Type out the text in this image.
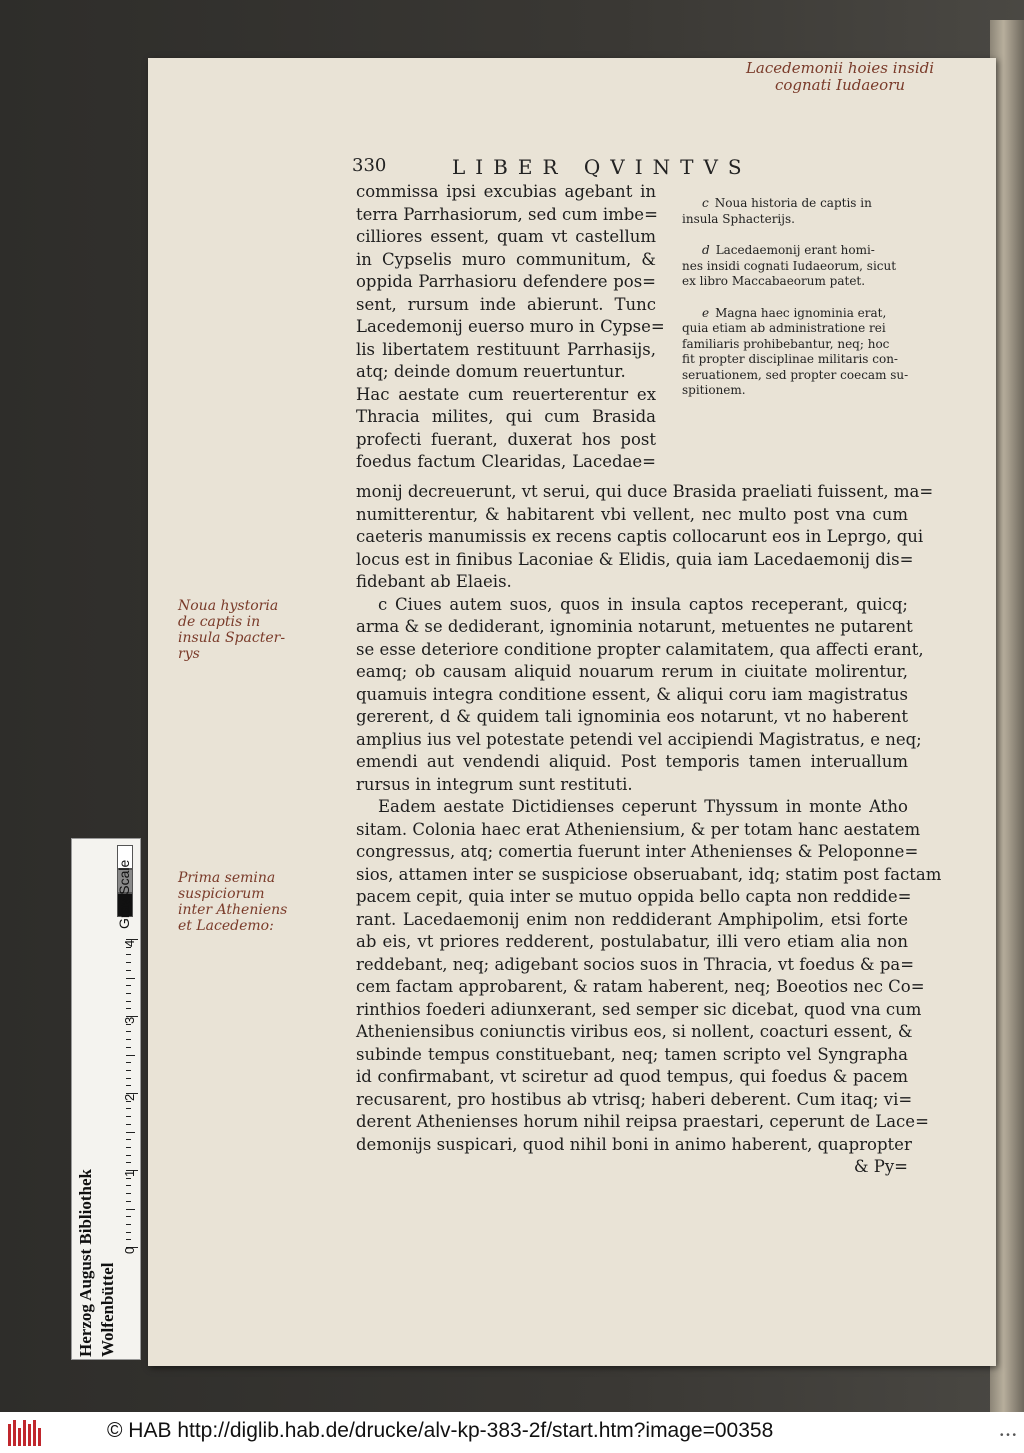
Lacedemonii hoies insidi
cognati Iudaeoru
Noua hystoria
de captis in
insula Spacter-
rys
Prima semina
suspiciorum
inter Atheniens
et Lacedemo:
330	LIBER QVINTVS
commissa ipsi excubias agebant in
terra Parrhasiorum, sed cum imbe=
cilliores essent, quam vt castellum
in Cypselis muro communitum, &
oppida Parrhasioru defendere pos=
sent, rursum inde abierunt. Tunc
Lacedemonij euerso muro in Cypse=
lis libertatem restituunt Parrhasijs,
atq; deinde domum reuertuntur.
Hac aestate cum reuerterentur ex
Thracia milites, qui cum Brasida
profecti fuerant, duxerat hos post
foedus factum Clearidas, Lacedae=
c Noua historia de captis in
insula Sphacterijs.
d Lacedaemonij erant homi-
nes insidi cognati Iudaeorum, sicut
ex libro Maccabaeorum patet.
e Magna haec ignominia erat,
quia etiam ab administratione rei
familiaris prohibebantur, neq; hoc
fit propter disciplinae militaris con-
seruationem, sed propter coecam su-
spitionem.
monij decreuerunt, vt serui, qui duce Brasida praeliati fuissent, ma=
numitterentur, & habitarent vbi vellent, nec multo post vna cum
caeteris manumissis ex recens captis collocarunt eos in Leprgo, qui
locus est in finibus Laconiae & Elidis, quia iam Lacedaemonij dis=
fidebant ab Elaeis.
c Ciues autem suos, quos in insula captos receperant, quicq;
arma & se dediderant, ignominia notarunt, metuentes ne putarent
se esse deteriore conditione propter calamitatem, qua affecti erant,
eamq; ob causam aliquid nouarum rerum in ciuitate molirentur,
quamuis integra conditione essent, & aliqui coru iam magistratus
gererent, d & quidem tali ignominia eos notarunt, vt no haberent
amplius ius vel potestate petendi vel accipiendi Magistratus, e neq;
emendi aut vendendi aliquid. Post temporis tamen interuallum
rursus in integrum sunt restituti.
Eadem aestate Dictidienses ceperunt Thyssum in monte Atho
sitam. Colonia haec erat Atheniensium, & per totam hanc aestatem
congressus, atq; comertia fuerunt inter Athenienses & Peloponne=
sios, attamen inter se suspiciose obseruabant, idq; statim post factam
pacem cepit, quia inter se mutuo oppida bello capta non reddide=
rant. Lacedaemonij enim non reddiderant Amphipolim, etsi forte
ab eis, vt priores redderent, postulabatur, illi vero etiam alia non
reddebant, neq; adigebant socios suos in Thracia, vt foedus & pa=
cem factam approbarent, & ratam haberent, neq; Boeotios nec Co=
rinthios foederi adiunxerant, sed semper sic dicebat, quod vna cum
Atheniensibus coniunctis viribus eos, si nollent, coacturi essent, &
subinde tempus constituebant, neq; tamen scripto vel Syngrapha
id confirmabant, vt sciretur ad quod tempus, qui foedus & pacem
recusarent, pro hostibus ab vtrisq; haberi deberent. Cum itaq; vi=
derent Athenienses horum nihil reipsa praestari, ceperunt de Lace=
demonijs suspicari, quod nihil boni in animo haberent, quapropter
& Py=
Gray Scale
0
1
2
3
4
Herzog August Bibliothek Wolfenbüttel
© HAB http://diglib.hab.de/drucke/alv-kp-383-2f/start.htm?image=00358	• • •
